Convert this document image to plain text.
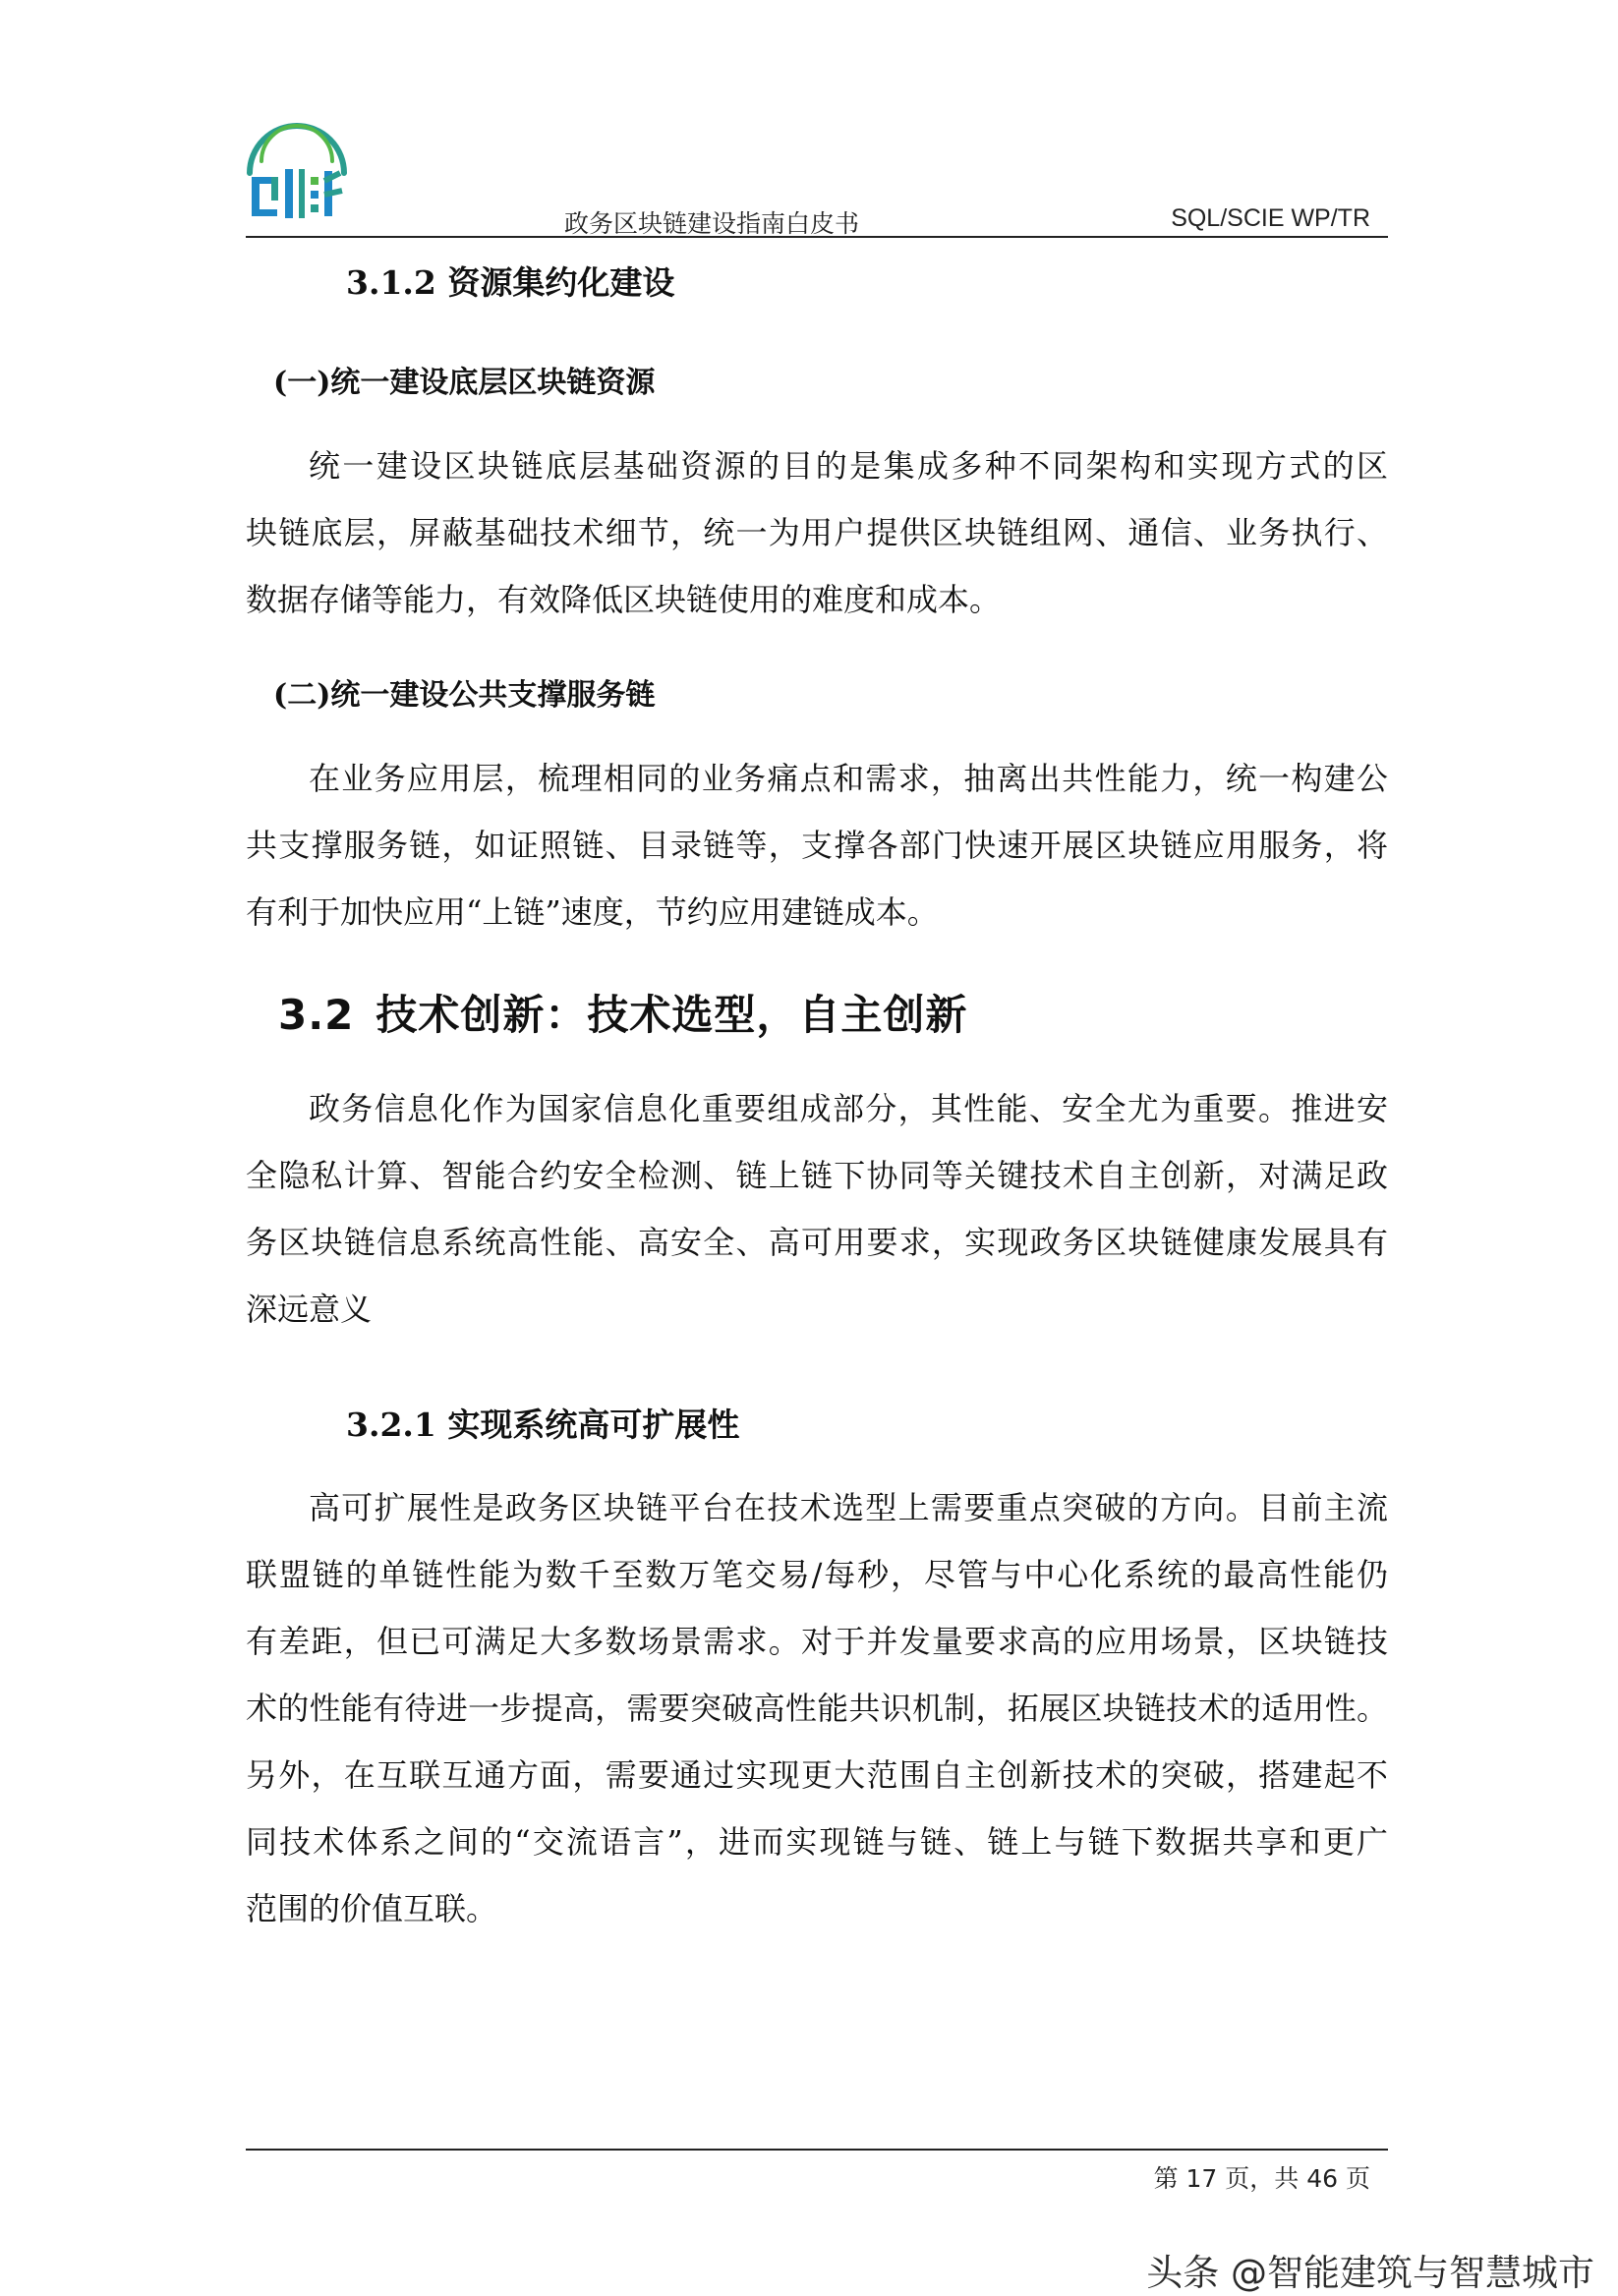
政务区块链建设指南白皮书	SQL/SCIE WP/TR
3.1.2 资源集约化建设
(一)统一建设底层区块链资源
统一建设区块链底层基础资源的目的是集成多种不同架构和实现方式的区
块链底层，屏蔽基础技术细节，统一为用户提供区块链组网、通信、业务执行、
数据存储等能力，有效降低区块链使用的难度和成本。
(二)统一建设公共支撑服务链
在业务应用层，梳理相同的业务痛点和需求，抽离出共性能力，统一构建公
共支撑服务链，如证照链、目录链等，支撑各部门快速开展区块链应用服务，将
有利于加快应用“上链”速度，节约应用建链成本。
3.2 技术创新：技术选型，自主创新
政务信息化作为国家信息化重要组成部分，其性能、安全尤为重要。推进安
全隐私计算、智能合约安全检测、链上链下协同等关键技术自主创新，对满足政
务区块链信息系统高性能、高安全、高可用要求，实现政务区块链健康发展具有
深远意义
3.2.1 实现系统高可扩展性
高可扩展性是政务区块链平台在技术选型上需要重点突破的方向。目前主流
联盟链的单链性能为数千至数万笔交易/每秒，尽管与中心化系统的最高性能仍
有差距，但已可满足大多数场景需求。对于并发量要求高的应用场景，区块链技
术的性能有待进一步提高，需要突破高性能共识机制，拓展区块链技术的适用性。
另外，在互联互通方面，需要通过实现更大范围自主创新技术的突破，搭建起不
同技术体系之间的“交流语言”，进而实现链与链、链上与链下数据共享和更广
范围的价值互联。
第 17 页，共 46 页
头条 @智能建筑与智慧城市
